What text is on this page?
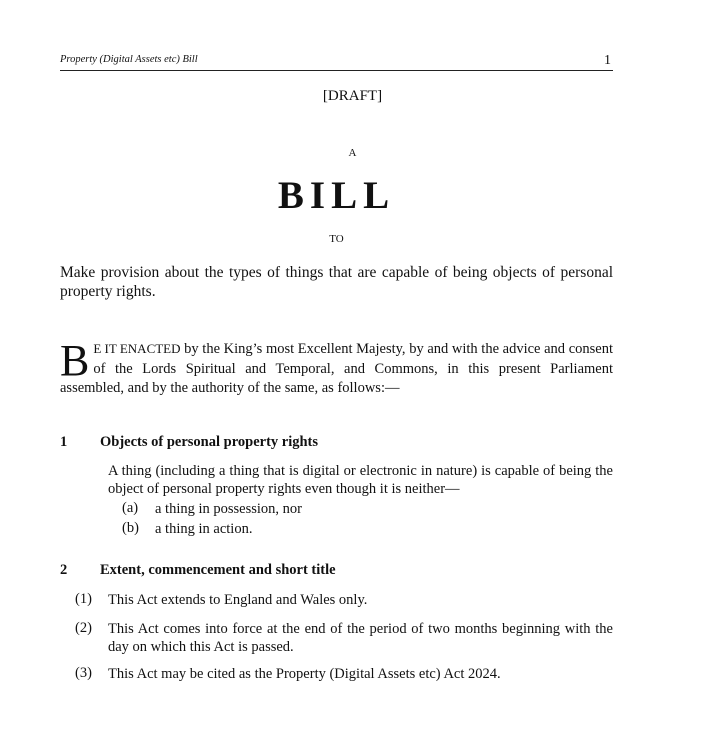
Property (Digital Assets etc) Bill	1
[DRAFT]
A
BILL
TO
Make provision about the types of things that are capable of being objects of personal property rights.
B E IT ENACTED by the King’s most Excellent Majesty, by and with the advice and consent of the Lords Spiritual and Temporal, and Commons, in this present Parliament assembled, and by the authority of the same, as follows:—
1 Objects of personal property rights
A thing (including a thing that is digital or electronic in nature) is capable of being the object of personal property rights even though it is neither—
(a) a thing in possession, nor
(b) a thing in action.
2 Extent, commencement and short title
(1) This Act extends to England and Wales only.
(2) This Act comes into force at the end of the period of two months beginning with the day on which this Act is passed.
(3) This Act may be cited as the Property (Digital Assets etc) Act 2024.
